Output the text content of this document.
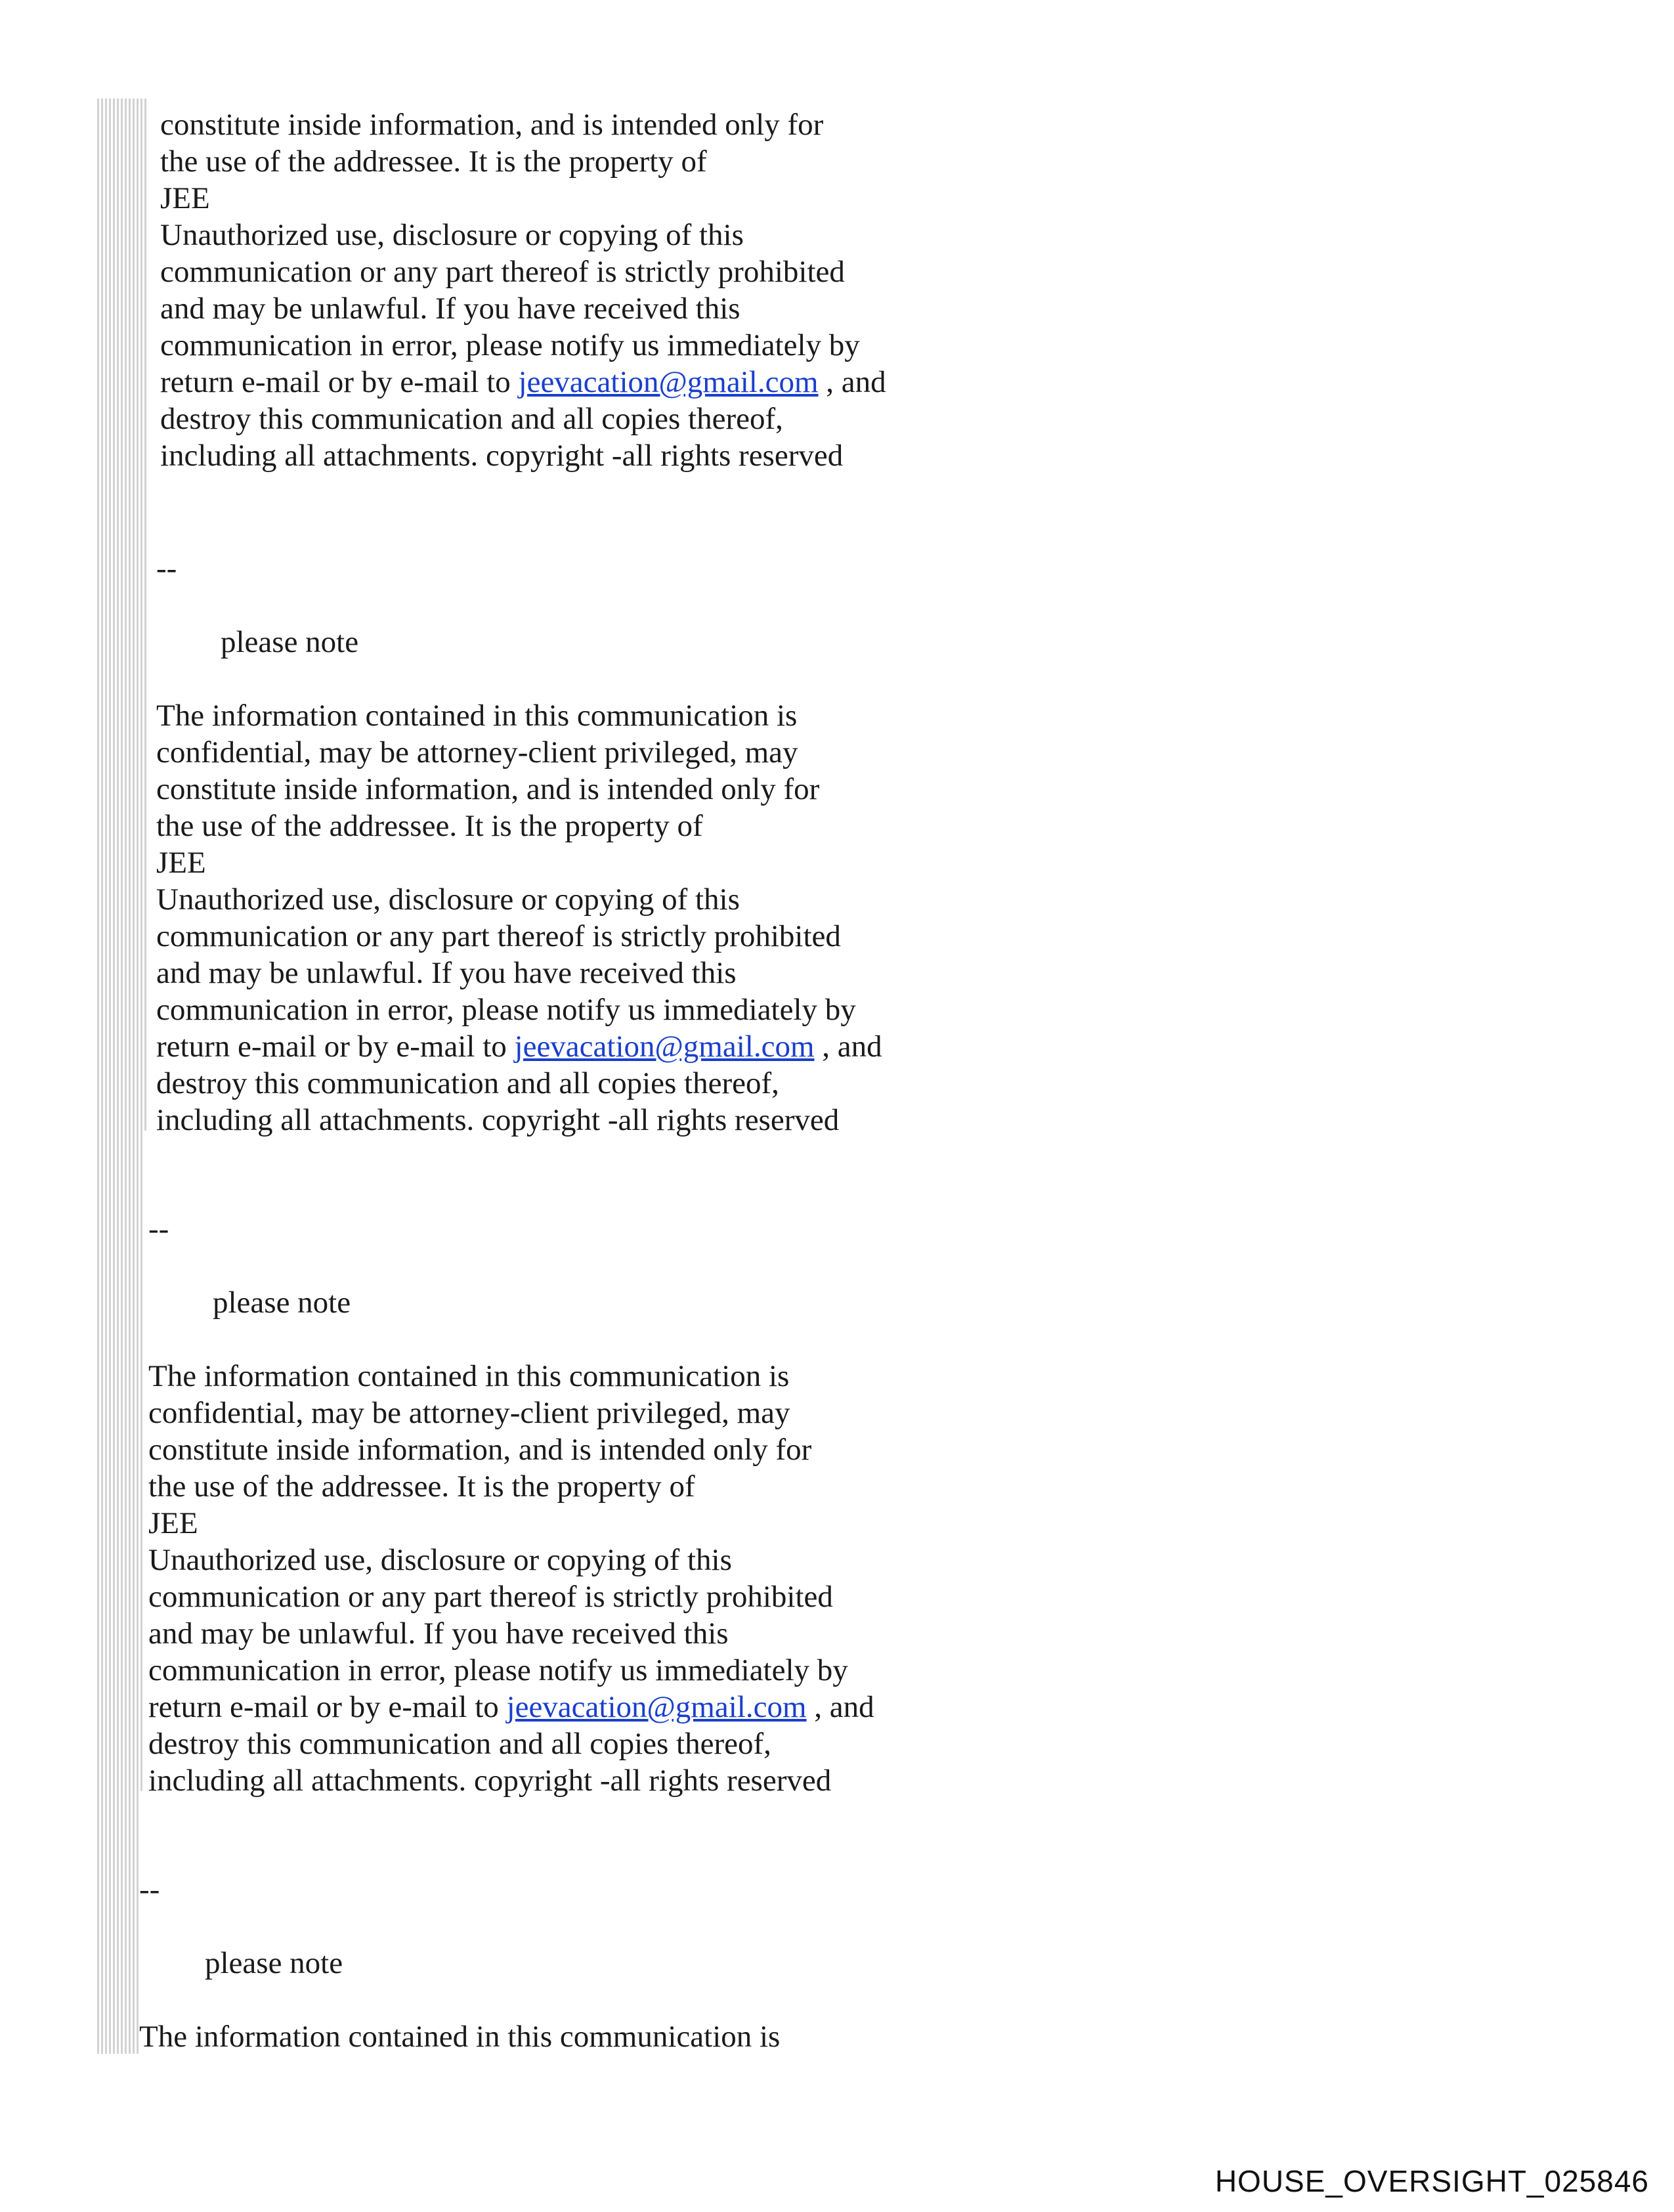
constitute inside information, and is intended only for
the use of the addressee. It is the property of
JEE
Unauthorized use, disclosure or copying of this
communication or any part thereof is strictly prohibited
and may be unlawful. If you have received this
communication in error, please notify us immediately by
return e-mail or by e-mail to jeevacation@gmail.com , and
destroy this communication and all copies thereof,
including all attachments. copyright -all rights reserved
--
please note
The information contained in this communication is
confidential, may be attorney-client privileged, may
constitute inside information, and is intended only for
the use of the addressee. It is the property of
JEE
Unauthorized use, disclosure or copying of this
communication or any part thereof is strictly prohibited
and may be unlawful. If you have received this
communication in error, please notify us immediately by
return e-mail or by e-mail to jeevacation@gmail.com , and
destroy this communication and all copies thereof,
including all attachments. copyright -all rights reserved
--
please note
The information contained in this communication is
confidential, may be attorney-client privileged, may
constitute inside information, and is intended only for
the use of the addressee. It is the property of
JEE
Unauthorized use, disclosure or copying of this
communication or any part thereof is strictly prohibited
and may be unlawful. If you have received this
communication in error, please notify us immediately by
return e-mail or by e-mail to jeevacation@gmail.com , and
destroy this communication and all copies thereof,
including all attachments. copyright -all rights reserved
--
please note
The information contained in this communication is
HOUSE_OVERSIGHT_025846
